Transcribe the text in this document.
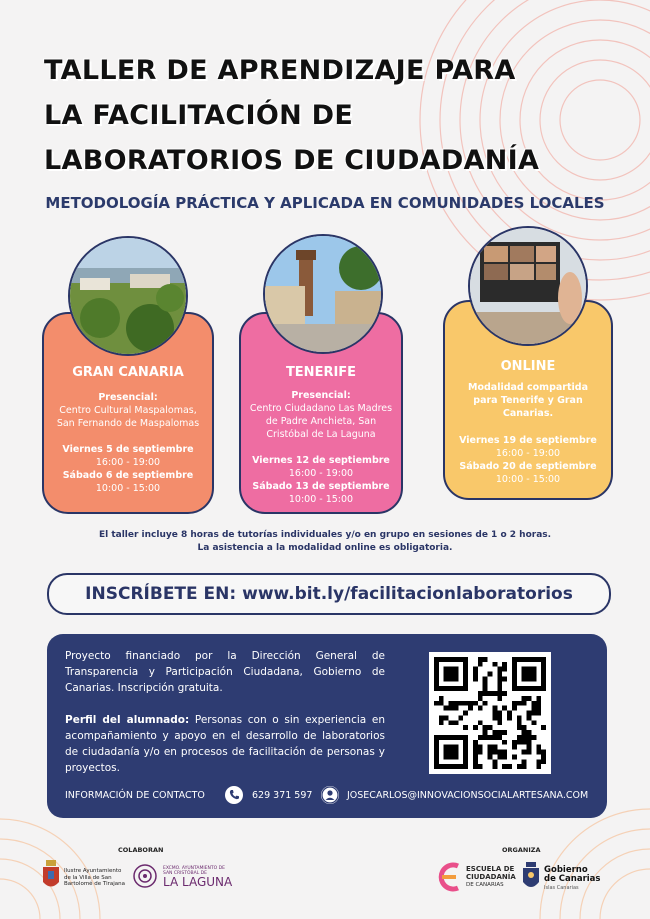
TALLER DE APRENDIZAJE PARA
LA FACILITACIÓN DE
LABORATORIOS DE CIUDADANÍA
METODOLOGÍA PRÁCTICA Y APLICADA EN COMUNIDADES LOCALES
GRAN CANARIA
Presencial:
Centro Cultural Maspalomas, San Fernando de Maspalomas
Viernes 5 de septiembre
16:00 - 19:00
Sábado 6 de septiembre
10:00 - 15:00
TENERIFE
Presencial:
Centro Ciudadano Las Madres de Padre Anchieta, San Cristóbal de La Laguna
Viernes 12 de septiembre
16:00 - 19:00
Sábado 13 de septiembre
10:00 - 15:00
ONLINE
Modalidad compartida para Tenerife y Gran Canarias.
Viernes 19 de septiembre
16:00 - 19:00
Sábado 20 de septiembre
10:00 - 15:00
El taller incluye 8 horas de tutorías individuales y/o en grupo en sesiones de 1 o 2 horas.
La asistencia a la modalidad online es obligatoria.
INSCRÍBETE EN: www.bit.ly/facilitacionlaboratorios

Proyecto financiado por la Dirección General de Transparencia y Participación Ciudadana, Gobierno de Canarias. Inscripción gratuita.

Perfil del alumnado: Personas con o sin experiencia en acompañamiento y apoyo en el desarrollo de laboratorios de ciudadanía y/o en procesos de facilitación de personas y proyectos.

INFORMACIÓN DE CONTACTO	629 371 597	JOSECARLOS@INNOVACIONSOCIALARTESANA.COM
COLABORAN	ORGANIZA
Ilustre Ayuntamiento
de la Villa de San
Bartolomé de Tirajana
EXCMO. AYUNTAMIENTO DE
SAN CRISTÓBAL DE
LA LAGUNA
ESCUELA DE
CIUDADANÍA
DE CANARIAS
Gobierno
de Canarias
Islas Canarias
